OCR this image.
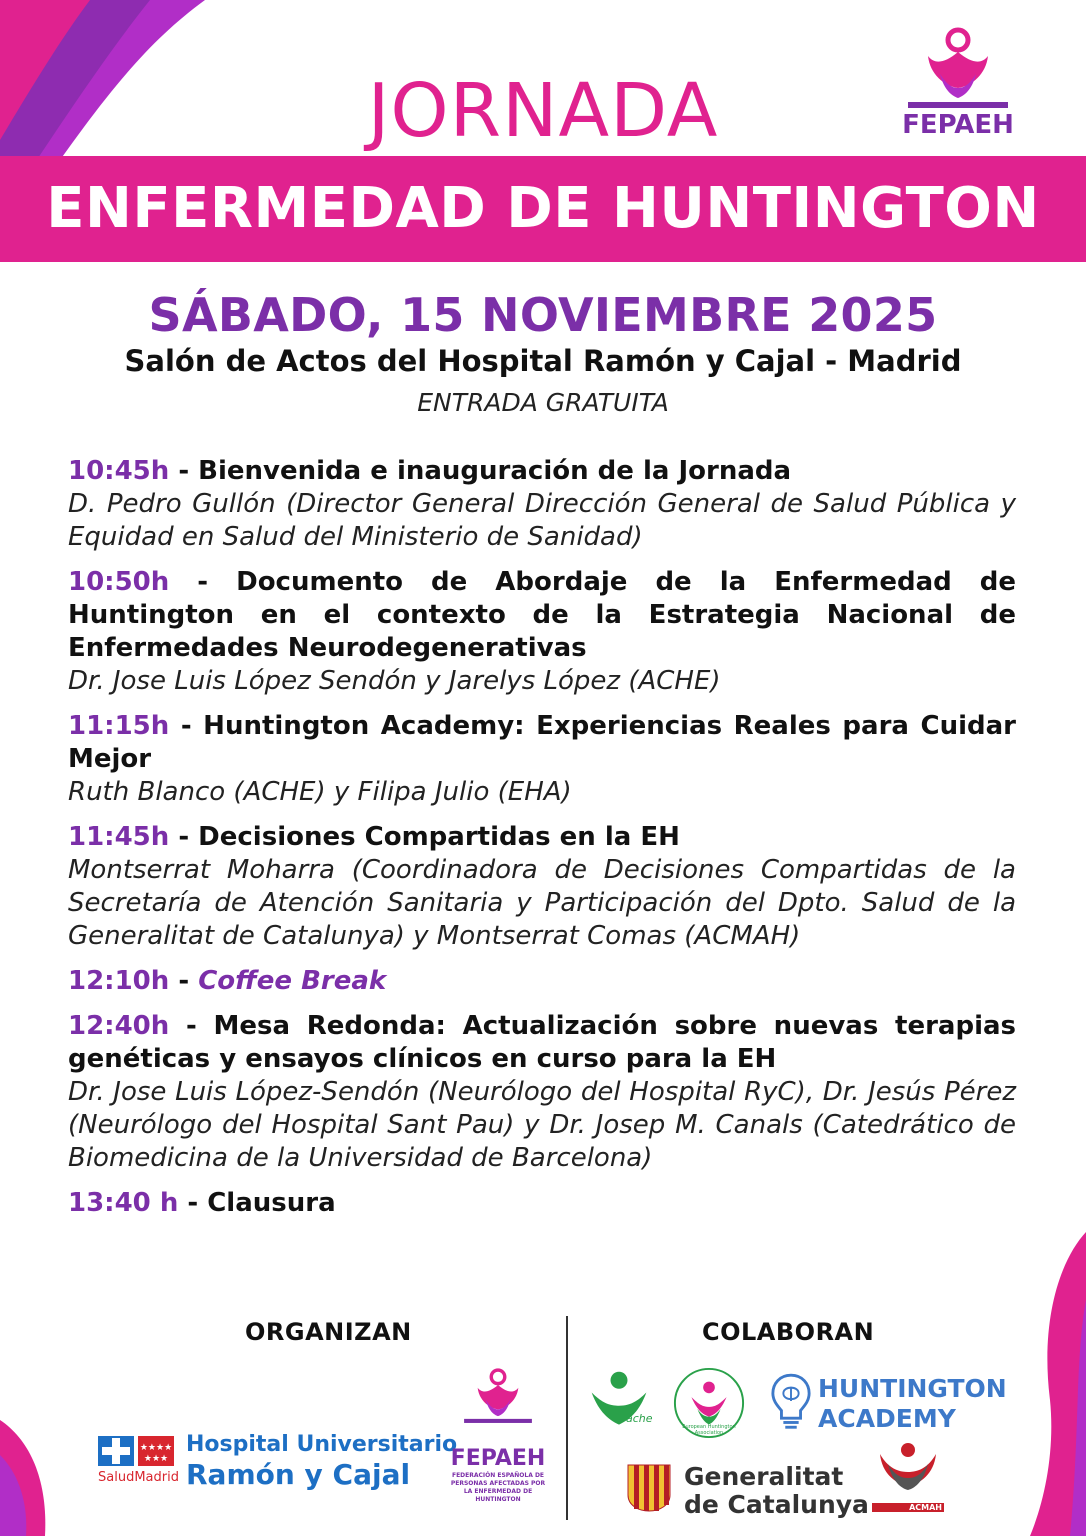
JORNADA	FEPAEH
ENFERMEDAD DE HUNTINGTON
SÁBADO, 15 NOVIEMBRE 2025
Salón de Actos del Hospital Ramón y Cajal - Madrid
ENTRADA GRATUITA
10:45h - Bienvenida e inauguración de la Jornada
D. Pedro Gullón (Director General Dirección General de Salud Pública y Equidad en Salud del Ministerio de Sanidad)
10:50h - Documento de Abordaje de la Enfermedad de Huntington en el contexto de la Estrategia Nacional de Enfermedades Neurodegenerativas
Dr. Jose Luis López Sendón y Jarelys López (ACHE)
11:15h - Huntington Academy: Experiencias Reales para Cuidar Mejor
Ruth Blanco (ACHE) y Filipa Julio (EHA)
11:45h - Decisiones Compartidas en la EH
Montserrat Moharra (Coordinadora de Decisiones Compartidas de la Secretaría de Atención Sanitaria y Participación del Dpto. Salud de la Generalitat de Catalunya) y Montserrat Comas (ACMAH)
12:10h - Coffee Break
12:40h - Mesa Redonda: Actualización sobre nuevas terapias genéticas y ensayos clínicos en curso para la EH
Dr. Jose Luis López-Sendón (Neurólogo del Hospital RyC), Dr. Jesús Pérez (Neurólogo del Hospital Sant Pau) y Dr. Josep M. Canals (Catedrático de Biomedicina de la Universidad de Barcelona)
13:40 h - Clausura
ORGANIZAN	COLABORAN
★★★★
★★★
SaludMadrid
Hospital Universitario
Ramón y Cajal FEPAEH
FEDERACIÓN ESPAÑOLA DE PERSONAS AFECTADAS POR LA ENFERMEDAD DE HUNTINGTON
ache
European Huntington Association
HUNTINGTON
ACADEMY
Generalitat
de Catalunya	ACMAH
